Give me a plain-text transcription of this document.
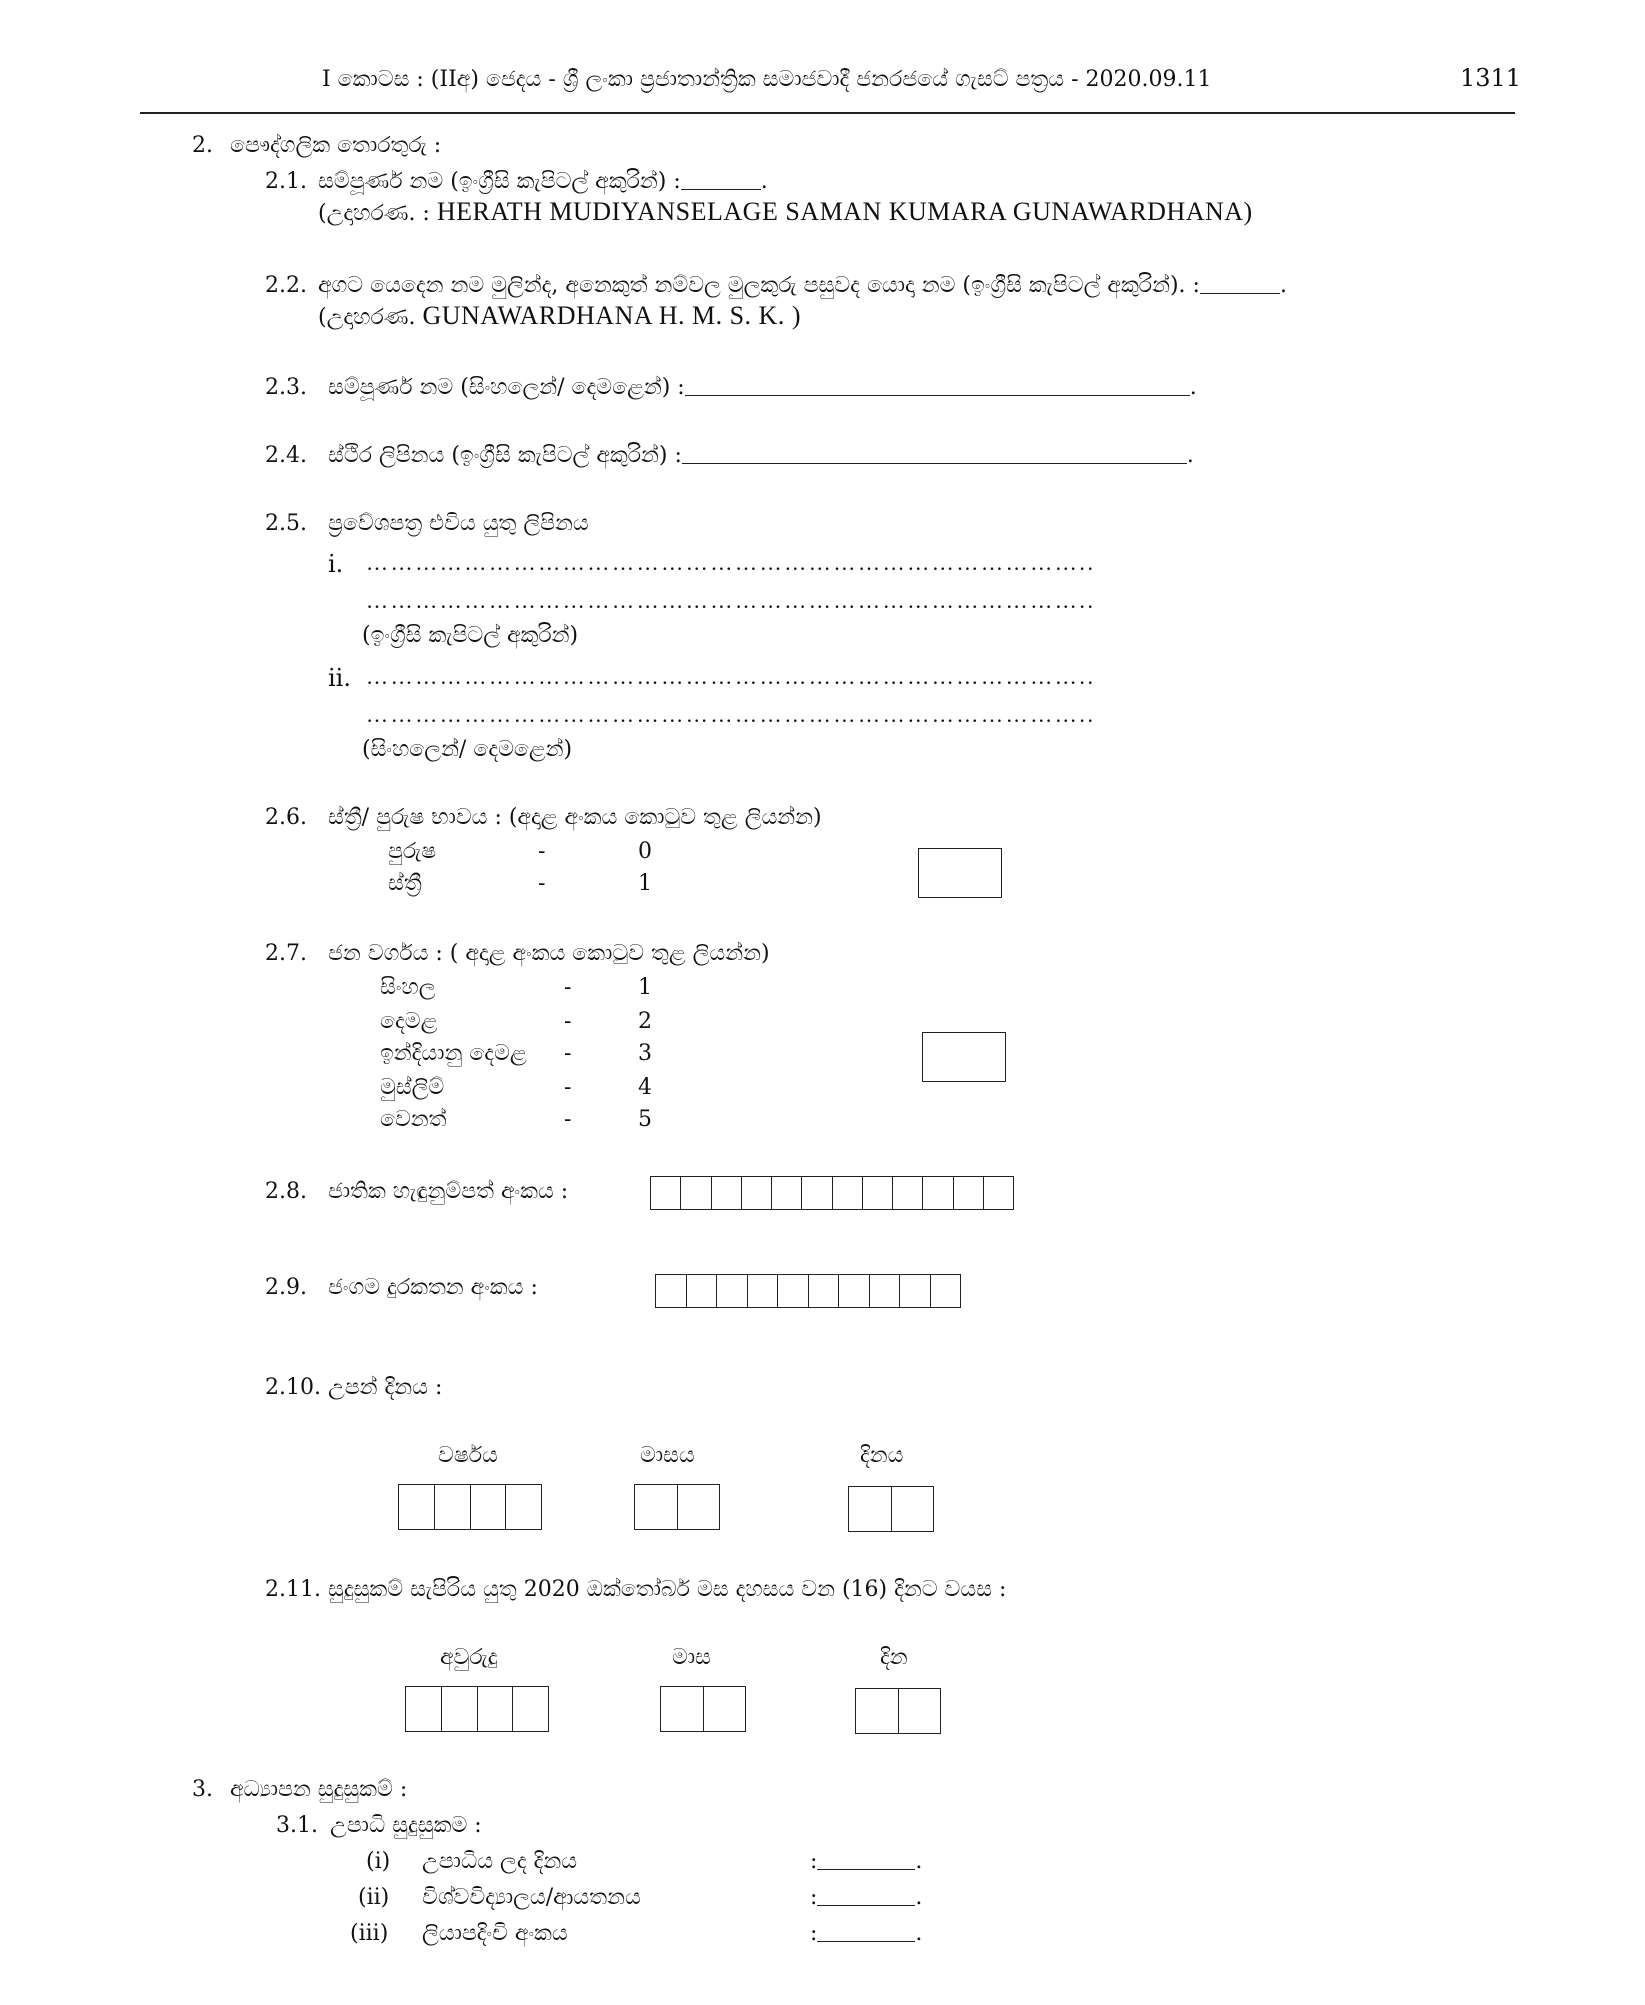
I කොටස : (IIඅ) ජෙදය - ශ්‍රී ලංකා ප්‍රජාතාන්ත්‍රික සමාජවාදී ජනරජයේ ගැසට් පත්‍රය - 2020.09.11	1311
2. පෞද්ගලික තොරතුරු :
2.1. සම්පූර්ණ නම (ඉංග්‍රීසි කැපිටල් අකුරින්) :	.
(උදාහරණ. : HERATH MUDIYANSELAGE SAMAN KUMARA GUNAWARDHANA)
2.2. අගට යෙදෙන නම මුලින්ද, අනෙකුත් නම්වල මුලකුරු පසුවද යොදා නම (ඉංග්‍රීසි කැපිටල් අකුරින්). :	.
(උදාහරණ. GUNAWARDHANA H. M. S. K. )
2.3. සම්පූර්ණ නම (සිංහලෙන්/ දෙමළෙන්) :	.
2.4. ස්ථිර ලිපිනය (ඉංග්‍රීසි කැපිටල් අකුරින්) :	.
2.5. ප්‍රවේශපත්‍ර එවිය යුතු ලිපිනය
i. ……………………………………………………………………………..
……………………………………………………………………………..
(ඉංග්‍රීසි කැපිටල් අකුරින්)
ii. ……………………………………………………………………………..
……………………………………………………………………………..
(සිංහලෙන්/ දෙමළෙන්)
2.6. ස්ත්‍රී/ පුරුෂ භාවය : (අදාළ අංකය කොටුව තුළ ලියන්න)
පුරුෂ	-	0
ස්ත්‍රී	-	1
2.7. ජන වර්ගය : ( අදාළ අංකය කොටුව තුළ ලියන්න)
සිංහල	-	1
දෙමළ	-	2
ඉන්දියානු දෙමළ -	3
මුස්ලිම්	-	4
වෙනත්	-	5
2.8. ජාතික හැඳුනුම්පත් අංකය :
2.9. ජංගම දුරකතන අංකය :
2.10. උපන් දිනය :
වර්ෂය	මාසය	දිනය
2.11. සුදුසුකම් සැපිරිය යුතු 2020 ඔක්තෝබර් මස දහසය වන (16) දිනට වයස :
අවුරුදු	මාස	දින
3. අධ්‍යාපන සුදුසුකම් :
3.1. උපාධි සුදුසුකම :
(i) උපාධිය ලද දිනය	:	.
(ii) විශ්වවිද්‍යාලය/ආයතනය	:	.
(iii) ලියාපදිංචි අංකය	:	.
